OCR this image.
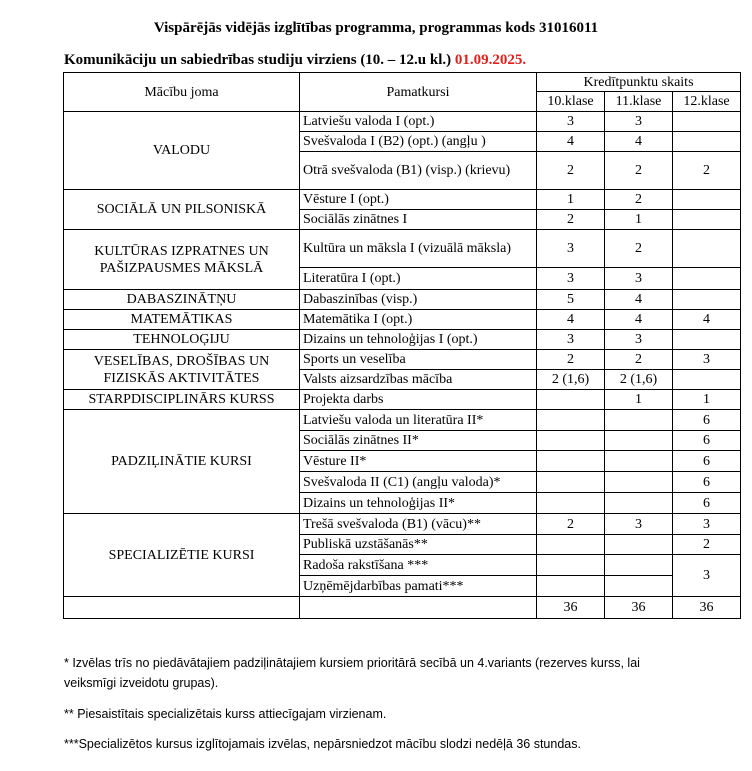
Vispārējās vidējās izglītības programma, programmas kods 31016011
Komunikāciju un sabiedrības studiju virziens (10. – 12.u kl.) 01.09.2025.
Mācību joma	Pamatkursi	Kredītpunktu skaits		
		10.klase	11.klase	12.klase
VALODU	Latviešu valoda I (opt.)	3	3	
	Svešvaloda I (B2) (opt.) (angļu )	4	4	
	Otrā svešvaloda (B1) (visp.) (krievu)	2	2	2
SOCIĀLĀ UN PILSONISKĀ	Vēsture I (opt.)	1	2	
	Sociālās zinātnes I	2	1	
KULTŪRAS IZPRATNES UN PAŠIZPAUSMES MĀKSLĀ	Kultūra un māksla I (vizuālā māksla)	3	2	
	Literatūra I (opt.)	3	3	
DABASZINĀTŅU	Dabaszinības (visp.)	5	4	
MATEMĀTIKAS	Matemātika I (opt.)	4	4	4
TEHNOLOĢIJU	Dizains un tehnoloģijas I (opt.)	3	3	
VESELĪBAS, DROŠĪBAS UN FIZISKĀS AKTIVITĀTES	Sports un veselība	2	2	3
	Valsts aizsardzības mācība	2 (1,6)	2 (1,6)	
STARPDISCIPLINĀRS KURSS	Projekta darbs		1	1
PADZIĻINĀTIE KURSI	Latviešu valoda un literatūra II*			6
	Sociālās zinātnes II*			6
	Vēsture II*			6
	Svešvaloda II (C1) (angļu valoda)*			6
	Dizains un tehnoloģijas II*			6
SPECIALIZĒTIE KURSI	Trešā svešvaloda (B1) (vācu)**	2	3	3
	Publiskā uzstāšanās**			2
	Radoša rakstīšana ***			3
	Uzņēmējdarbības pamati***			
		36	36	36
* Izvēlas trīs no piedāvātajiem padziļinātajiem kursiem prioritārā secībā un 4.variants (rezerves kurss, lai veiksmīgi izveidotu grupas).
** Piesaistītais specializētais kurss attiecīgajam virzienam.
***Specializētos kursus izglītojamais izvēlas, nepārsniedzot mācību slodzi nedēļā 36 stundas.
